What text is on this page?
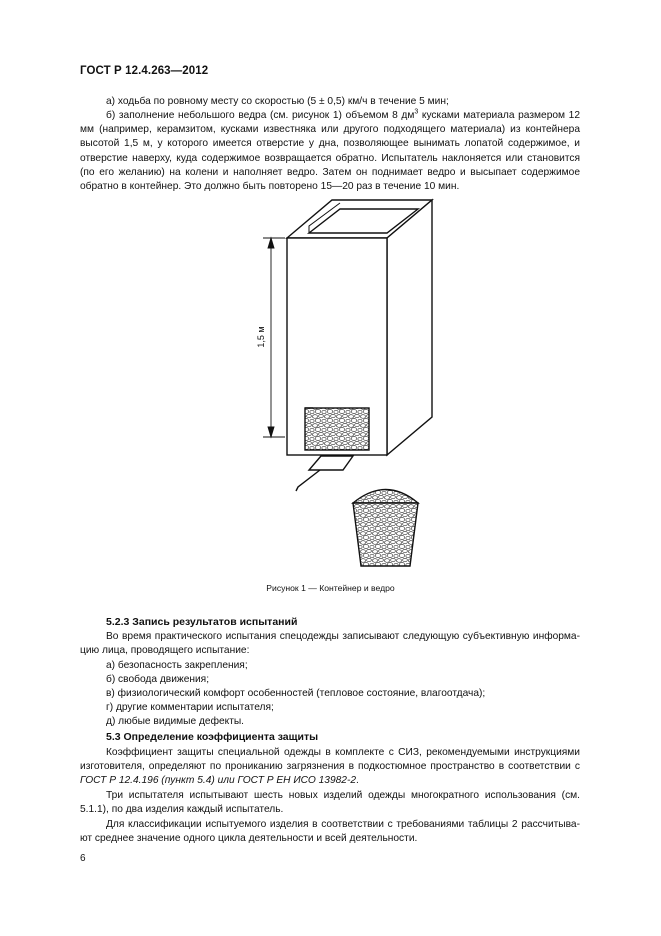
ГОСТ Р 12.4.263—2012
а) ходьба по ровному месту со скоростью (5 ± 0,5) км/ч в течение 5 мин;
б) заполнение небольшого ведра (см. рисунок 1) объемом 8 $дм^3$ кусками материала размером 12 мм (например, керамзитом, кусками известняка или другого подходящего материала) из контейнера высотой 1,5 м, у которого имеется отверстие у дна, позволяющее вынимать лопатой содержимое, и отверстие наверху, куда содержимое возвращается обратно. Испытатель наклоняется или становится (по его желанию) на колени и наполняет ведро. Затем он поднимает ведро и высыпает содержимое обратно в контейнер. Это должно быть повторено 15—20 раз в течение 10 мин.
1,5 м
Рисунок 1 — Контейнер и ведро
5.2.3 Запись результатов испытаний
Во время практического испытания спецодежды записывают следующую субъективную информацию лица, проводящего испытание:
а) безопасность закрепления;
б) свобода движения;
в) физиологический комфорт особенностей (тепловое состояние, влагоотдача);
г) другие комментарии испытателя;
д) любые видимые дефекты.
5.3 Определение коэффициента защиты
Коэффициент защиты специальной одежды в комплекте с СИЗ, рекомендуемыми инструкциями изготовителя, определяют по прониканию загрязнения в подкостюмное пространство в соответствии с ГОСТ Р 12.4.196 (пункт 5.4) или ГОСТ Р ЕН ИСО 13982-2.
Три испытателя испытывают шесть новых изделий одежды многократного использования (см. 5.1.1), по два изделия каждый испытатель.
Для классификации испытуемого изделия в соответствии с требованиями таблицы 2 рассчитывают среднее значение одного цикла деятельности и всей деятельности.
6
